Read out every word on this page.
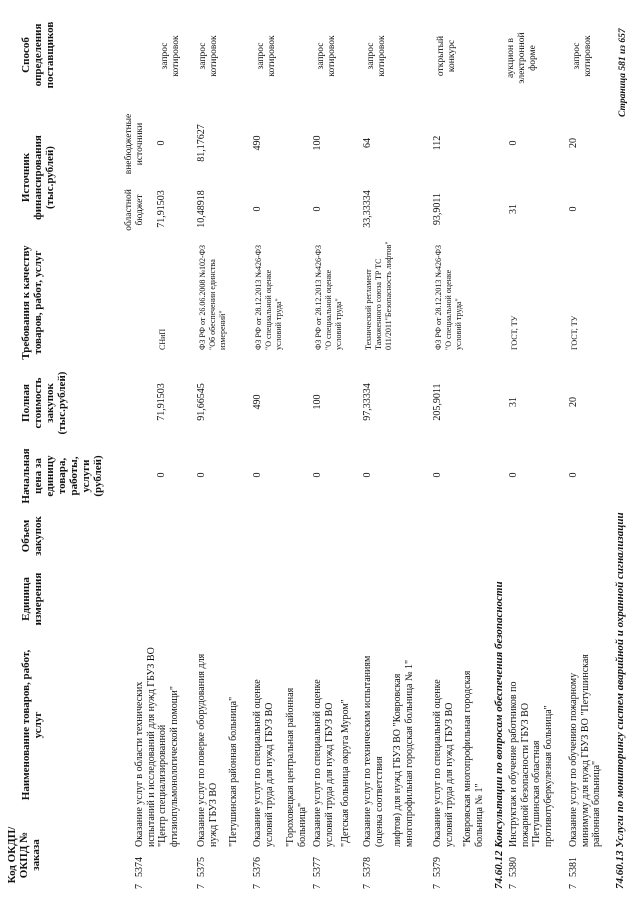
Код ОКДП/ ОКПД № заказа
Наименование товаров, работ, услуг
Единица измерения
Объем закупок
Начальная цена за единицу товара, работы, услуги (рублей)
Полная стоимость закупок (тыс.рублей)
Требования к качеству товаров, работ, услуг
Источник финансирования (тыс.рублей)
областной бюджет
внебюджетные источники
Способ определения поставщиков
7
5374
Оказание услуг в области технических испытаний и исследований для нужд ГБУЗ ВО "Центр специализированной фтизиопульмонологической помощи"
0
71,91503
СНиП
71,91503
0
запрос котировок
7
5375
Оказание услуг по поверке оборудования для нужд ГБУЗ ВО "Петушинская районная больница"
0
91,66545
ФЗ РФ от 26.06.2008 №102-ФЗ "Об обеспечении единства измерений"
10,48918
81,17627
запрос котировок
7
5376
Оказание услуг по специальной оценке условий труда для нужд ГБУЗ ВО "Гороховецкая центральная районная больница"
0
490
ФЗ РФ от 28.12.2013 №426-ФЗ "О специальной оценке условий труда"
0
490
запрос котировок
7
5377
Оказание услуг по специальной оценке условий труда для нужд ГБУЗ ВО "Детская больница округа Муром"
0
100
ФЗ РФ от 28.12.2013 №426-ФЗ "О специальной оценке условий труда"
0
100
запрос котировок
7
5378
Оказание услуг по техническим испытаниям (оценка соответствия лифтов) для нужд ГБУЗ ВО "Ковровская многопрофильная городская больница № 1"
0
97,33334
Технический регламент Таможенного союза ТР ТС 011/2011"Безопасность лифтов"
33,33334
64
запрос котировок
7
5379
Оказание услуг по специальной оценке условий труда для нужд ГБУЗ ВО "Ковровская многопрофильная городская больница № 1"
0
205,9011
ФЗ РФ от 28.12.2013 №426-ФЗ "О специальной оценке условий труда"
93,9011
112
открытый конкурс
74.60.12 Консультации по вопросам обеспечения безопасности 7
5380
Инструктаж и обучение работников по пожарной безопасности ГБУЗ ВО "Петушинская областная противотуберкулезная больница"
0
31
ГОСТ, ТУ
31
0
аукцион в электронной форме
7
5381
Оказание услуг по обучению пожарному минимуму для нужд ГБУЗ ВО "Петушинская районная больница"
0
20
ГОСТ, ТУ
0
20
запрос котировок
74.60.13 Услуги по мониторингу систем аварийной и охранной сигнализации
Страница 581 из 657
